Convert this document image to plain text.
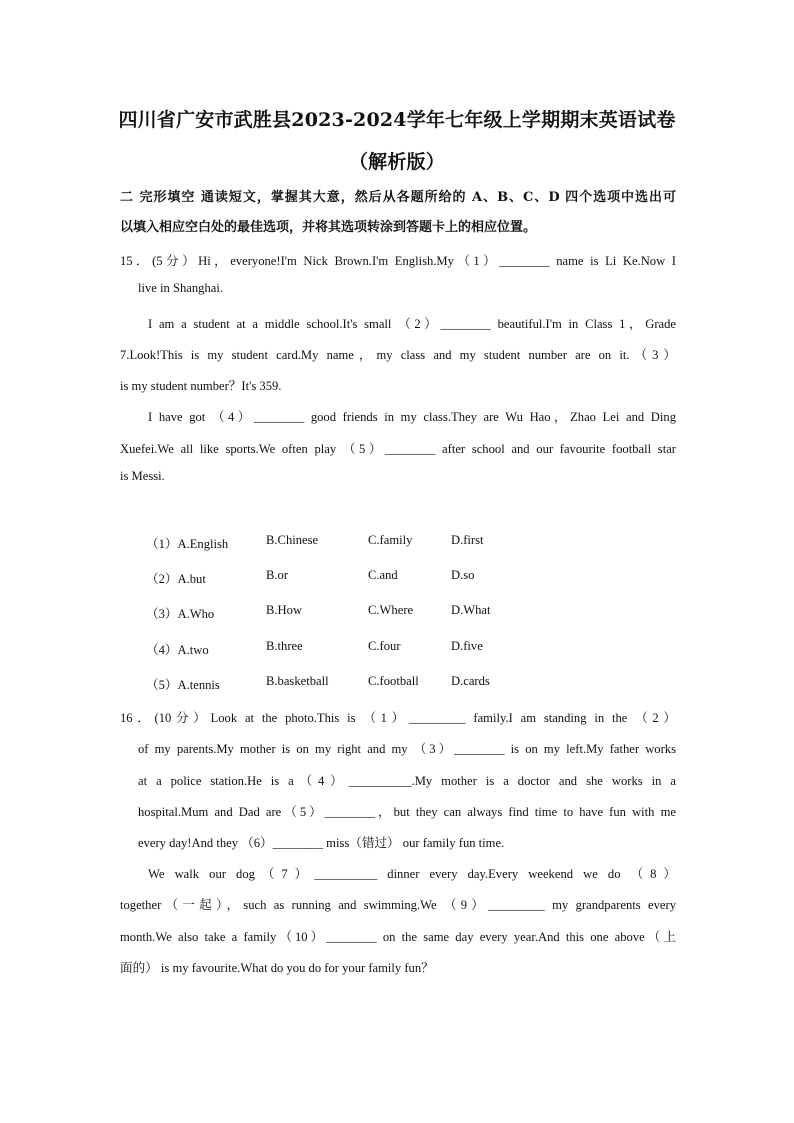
四川省广安市武胜县2023-2024学年七年级上学期期末英语试卷
（解析版）
二 完形填空 通读短文，掌握其大意，然后从各题所给的 A、B、C、D 四个选项中选出可
以填入相应空白处的最佳选项，并将其选项转涂到答题卡上的相应位置。
15．(5分）Hi，everyone!I'm Nick Brown.I'm English.My（1）________ name is Li Ke.Now I
live in Shanghai.
I am a student at a middle school.It's small （2）________ beautiful.I'm in Class 1，Grade
7.Look!This is my student card.My name，my class and my student number are on it.（3）
is my student number？It's 359.
I have got （4）________ good friends in my class.They are Wu Hao，Zhao Lei and Ding
Xuefei.We all like sports.We often play （5）________ after school and our favourite football star
is Messi.
（1）A.English	B.Chinese	C.family	D.first
（2）A.but	B.or	C.and	D.so
（3）A.Who	B.How	C.Where	D.What
（4）A.two	B.three	C.four	D.five
（5）A.tennis	B.basketball	C.football	D.cards
16．(10分）Look at the photo.This is （1）_________ family.I am standing in the （2）
of my parents.My mother is on my right and my （3）________ is on my left.My father works
at a police station.He is a（4）__________.My mother is a doctor and she works in a
hospital.Mum and Dad are（5）________，but they can always find time to have fun with me
every day!And they （6）________ miss（错过） our family fun time.
We walk our dog（7）__________ dinner every day.Every weekend we do （8）
together（一起），such as running and swimming.We （9）_________ my grandparents every
month.We also take a family（10）________ on the same day every year.And this one above（上
面的） is my favourite.What do you do for your family fun？
